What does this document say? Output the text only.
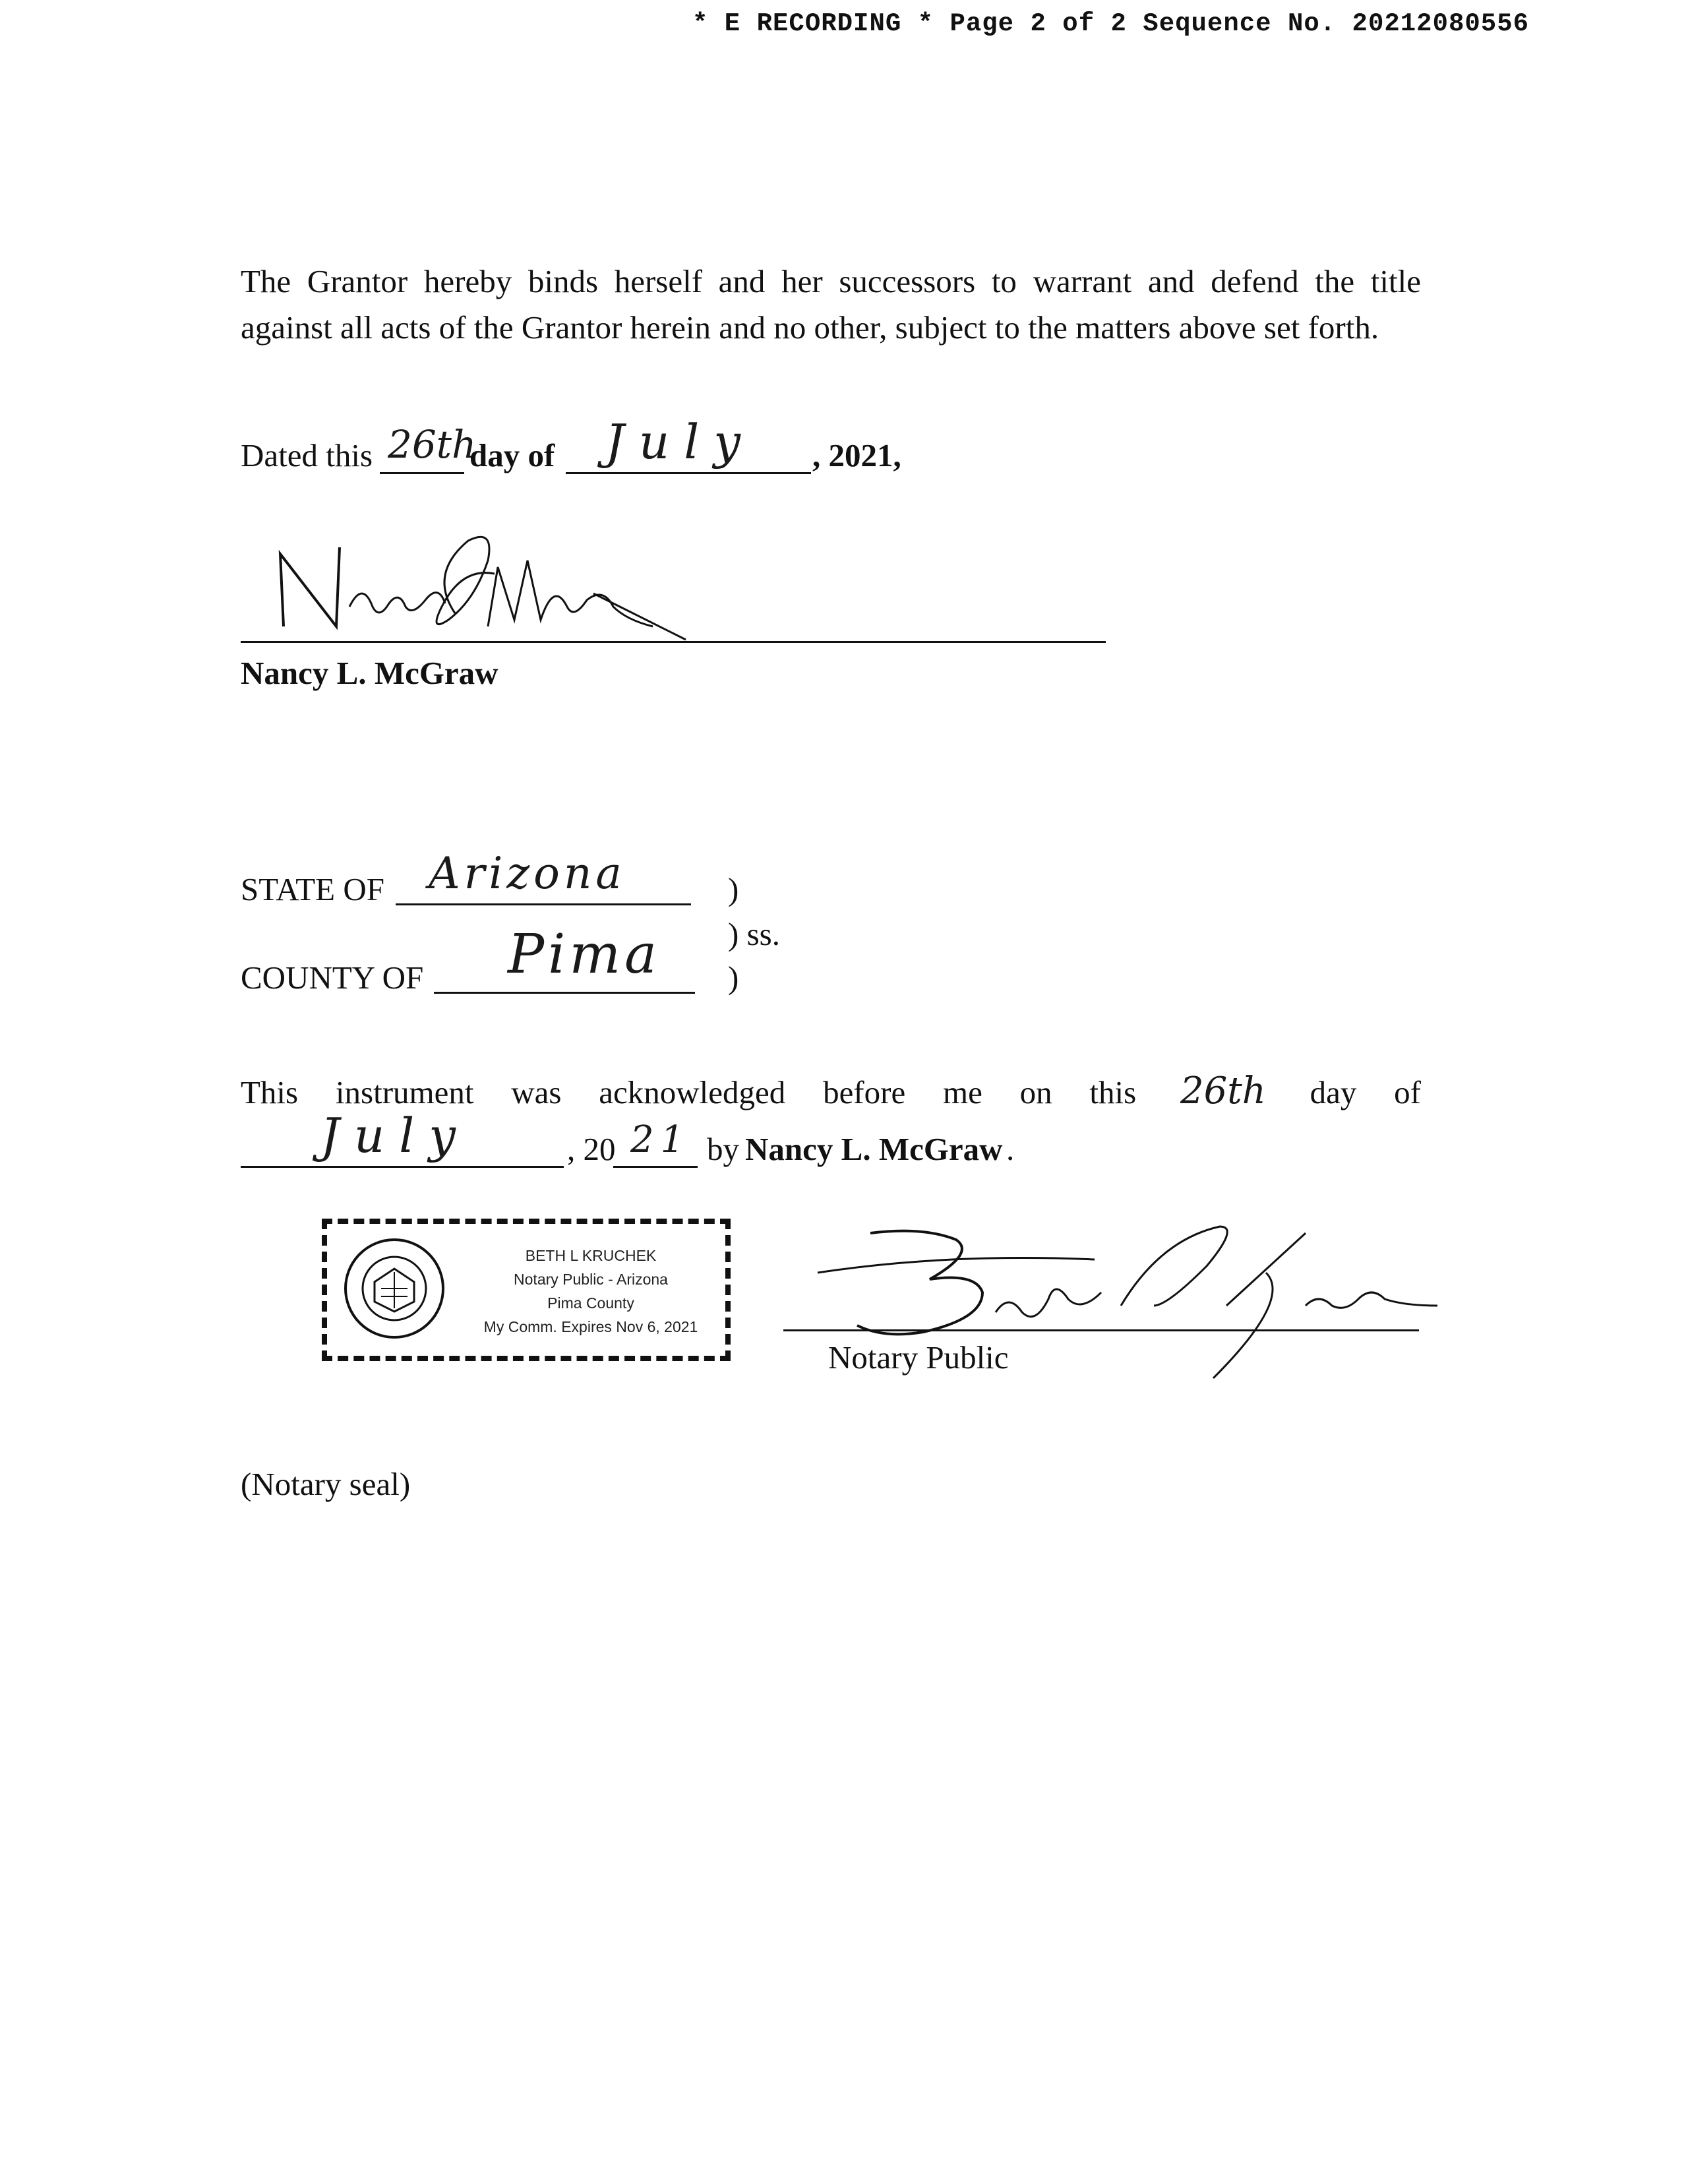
* E RECORDING * Page 2 of 2 Sequence No. 20212080556
The Grantor hereby binds herself and her successors to warrant and defend the title
against all acts of the Grantor herein and no other, subject to the matters above set forth.
Dated this 26th
day of July , 2021,
Nancy L. McGraw
STATE OF Arizona	)
) ss.
COUNTY OF Pima )
This instrument was acknowledged before me on this 26th day of
July	, 20 21 by Nancy L. McGraw .
BETH L KRUCHEK
Notary Public - Arizona
Pima County
My Comm. Expires Nov 6, 2021
Notary Public
(Notary seal)
